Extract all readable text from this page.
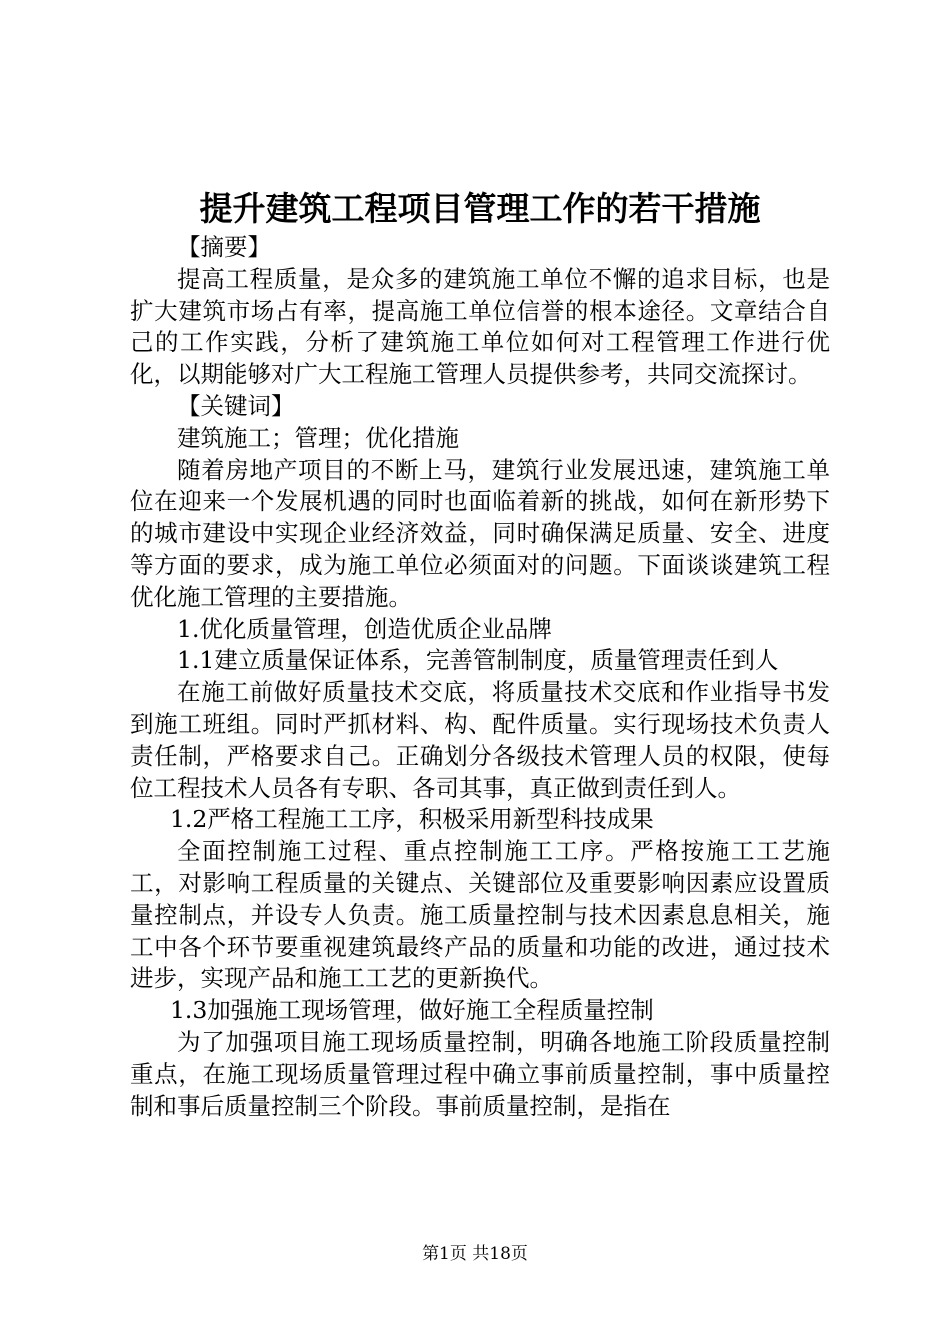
提升建筑工程项目管理工作的若干措施

【摘要】

提高工程质量，是众多的建筑施工单位不懈的追求目标，也是扩大建筑市场占有率，提高施工单位信誉的根本途径。文章结合自己的工作实践，分析了建筑施工单位如何对工程管理工作进行优化，以期能够对广大工程施工管理人员提供参考，共同交流探讨。

【关键词】

建筑施工；管理；优化措施

随着房地产项目的不断上马，建筑行业发展迅速，建筑施工单位在迎来一个发展机遇的同时也面临着新的挑战，如何在新形势下的城市建设中实现企业经济效益，同时确保满足质量、安全、进度等方面的要求，成为施工单位必须面对的问题。下面谈谈建筑工程优化施工管理的主要措施。

1.优化质量管理，创造优质企业品牌

1.1建立质量保证体系，完善管制制度，质量管理责任到人

在施工前做好质量技术交底，将质量技术交底和作业指导书发到施工班组。同时严抓材料、构、配件质量。实行现场技术负责人责任制，严格要求自己。正确划分各级技术管理人员的权限，使每位工程技术人员各有专职、各司其事，真正做到责任到人。

1.2严格工程施工工序，积极采用新型科技成果

全面控制施工过程、重点控制施工工序。严格按施工工艺施工，对影响工程质量的关键点、关键部位及重要影响因素应设置质量控制点，并设专人负责。施工质量控制与技术因素息息相关，施工中各个环节要重视建筑最终产品的质量和功能的改进，通过技术进步，实现产品和施工工艺的更新换代。

1.3加强施工现场管理，做好施工全程质量控制

为了加强项目施工现场质量控制，明确各地施工阶段质量控制重点，在施工现场质量管理过程中确立事前质量控制，事中质量控制和事后质量控制三个阶段。事前质量控制，是指在

第1页 共18页
